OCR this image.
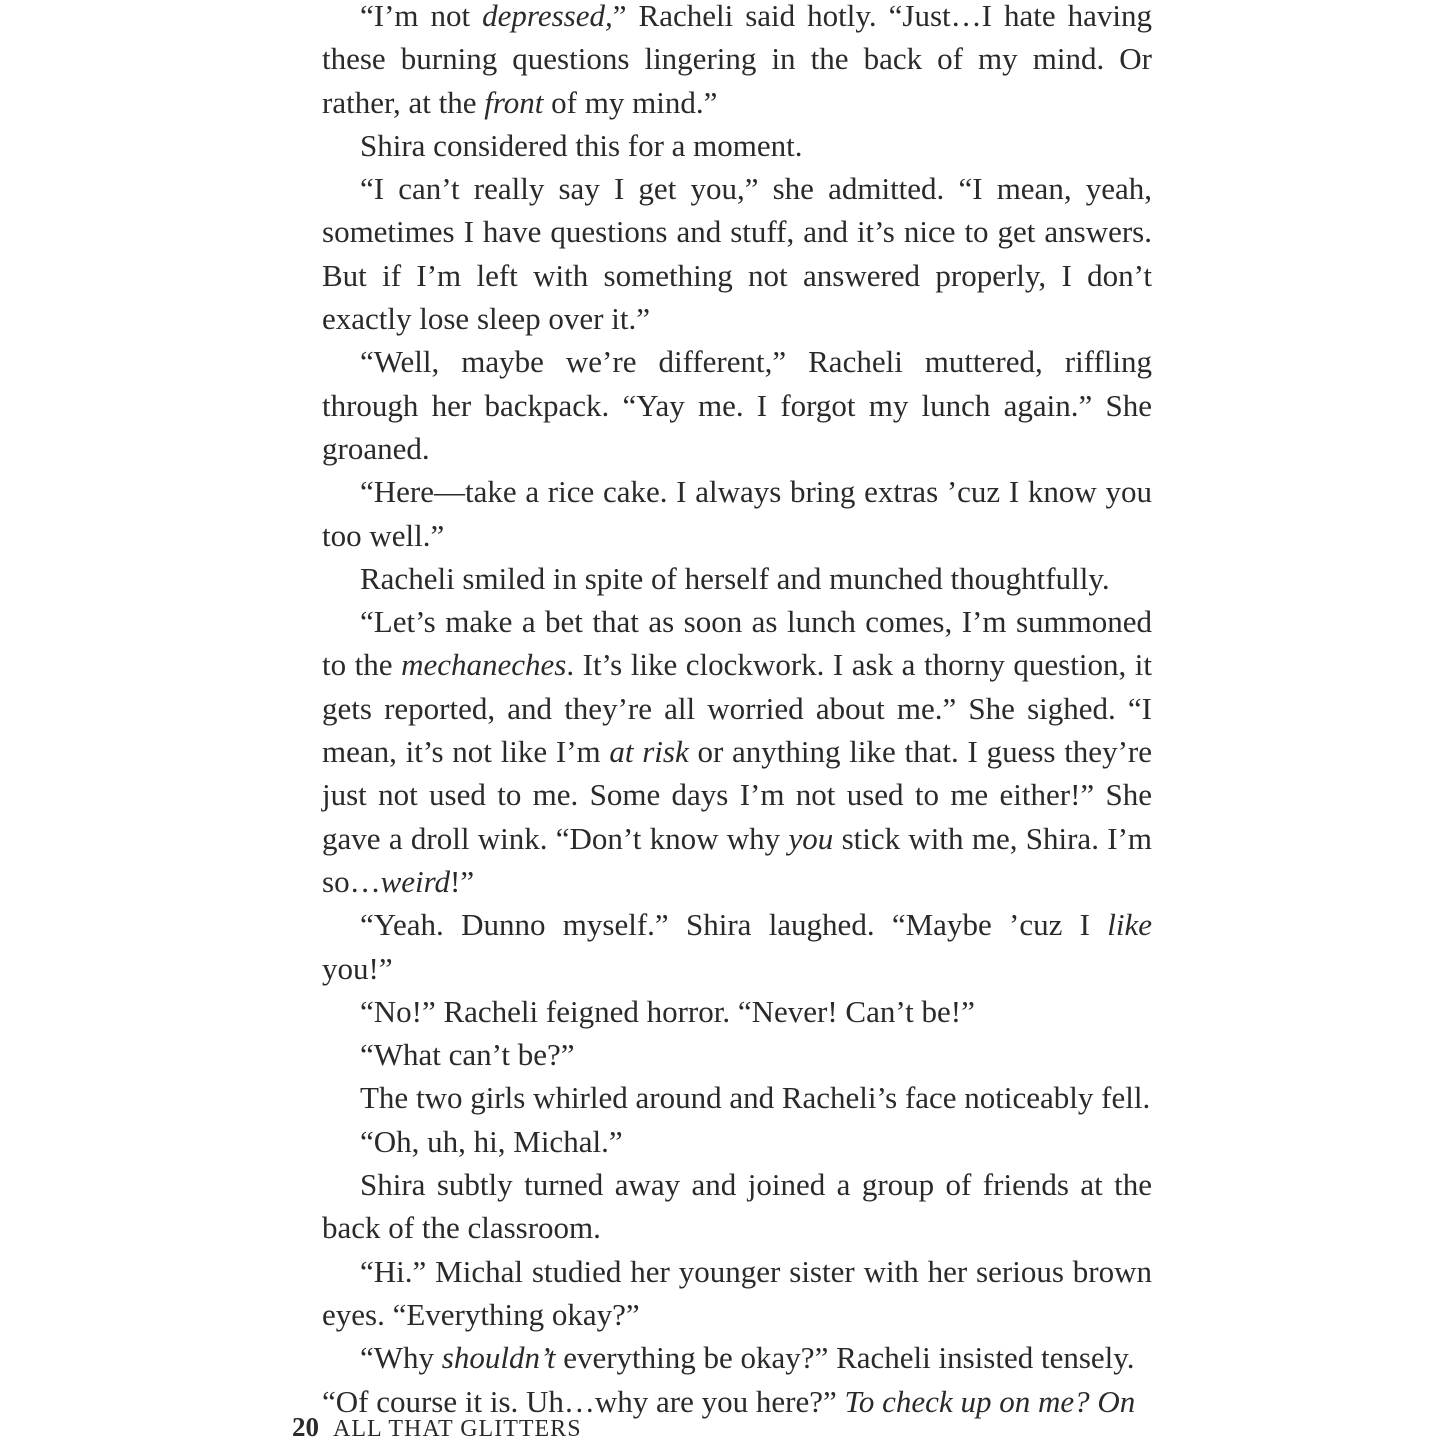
“I’m not depressed,” Racheli said hotly. “Just…I hate having these burning questions lingering in the back of my mind. Or rather, at the front of my mind.”

Shira considered this for a moment.

“I can’t really say I get you,” she admitted. “I mean, yeah, sometimes I have questions and stuff, and it’s nice to get answers. But if I’m left with something not answered properly, I don’t exactly lose sleep over it.”

“Well, maybe we’re different,” Racheli muttered, riffling through her backpack. “Yay me. I forgot my lunch again.” She groaned.

“Here—take a rice cake. I always bring extras ’cuz I know you too well.”

Racheli smiled in spite of herself and munched thoughtfully.

“Let’s make a bet that as soon as lunch comes, I’m summoned to the mechaneches. It’s like clockwork. I ask a thorny question, it gets reported, and they’re all worried about me.” She sighed. “I mean, it’s not like I’m at risk or anything like that. I guess they’re just not used to me. Some days I’m not used to me either!” She gave a droll wink. “Don’t know why you stick with me, Shira. I’m so…weird!”

“Yeah. Dunno myself.” Shira laughed. “Maybe ’cuz I like you!”

“No!” Racheli feigned horror. “Never! Can’t be!”

“What can’t be?”

The two girls whirled around and Racheli’s face noticeably fell.

“Oh, uh, hi, Michal.”

Shira subtly turned away and joined a group of friends at the back of the classroom.

“Hi.” Michal studied her younger sister with her serious brown eyes. “Everything okay?”

“Why shouldn’t everything be okay?” Racheli insisted tensely.

“Of course it is. Uh…why are you here?” To check up on me? On

20 ALL THAT GLITTERS
